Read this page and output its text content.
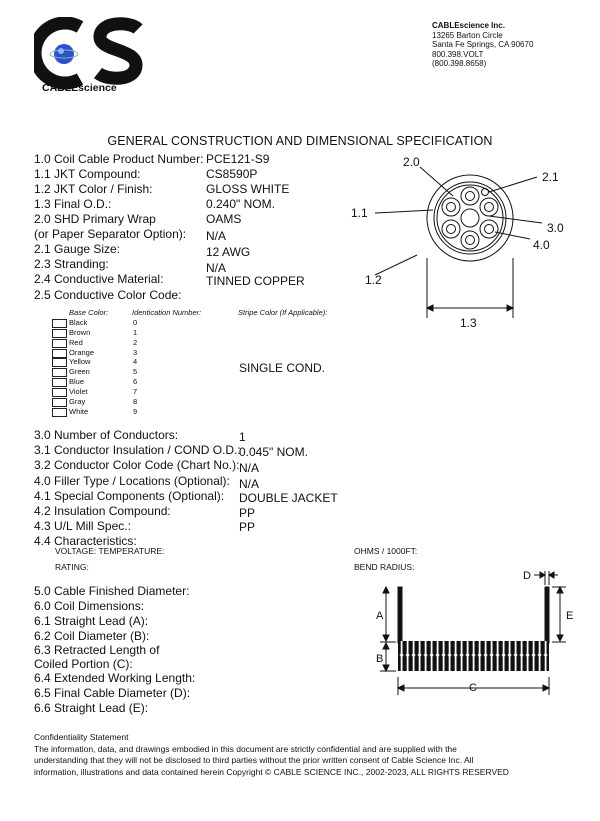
CABLEscience
CABLEscience Inc.
13265 Barton Circle
Santa Fe Springs, CA 90670
800.398.VOLT
(800.398.8658)
GENERAL CONSTRUCTION AND DIMENSIONAL SPECIFICATION
1.0 Coil Cable Product Number: PCE121-S9
1.1 JKT Compound:	CS8590P
1.2 JKT Color / Finish:	GLOSS WHITE
1.3 Final O.D.:	0.240" NOM.
2.0 SHD Primary Wrap	OAMS
(or Paper Separator Option): N/A
2.1 Gauge Size:	12 AWG
2.3 Stranding:	N/A
2.4 Conductive Material:	TINNED COPPER
2.5 Conductive Color Code:
Base Color:	Identication Number:	Stripe Color (If Applicable):
Black	0
Brown	1
Red	2
Orange	3
Yellow	4
Green	5
Blue	6
Violet	7
Gray	8
White	9
SINGLE COND.
3.0 Number of Conductors:	1
3.1 Conductor Insulation / COND O.D.:
0.045" NOM.
3.2 Conductor Color Code (Chart No.): N/A
4.0 Filler Type / Locations (Optional): N/A
4.1 Special Components (Optional): DOUBLE JACKET
4.2 Insulation Compound:	PP
4.3 U/L Mill Spec.:	PP
4.4 Characteristics:
VOLTAGE: TEMPERATURE:
RATING:
OHMS / 1000FT:
BEND RADIUS:
5.0 Cable Finished Diameter:
6.0 Coil Dimensions:
6.1 Straight Lead (A):
6.2 Coil Diameter (B):
6.3 Retracted Length of
Coiled Portion (C):
6.4 Extended Working Length:
6.5 Final Cable Diameter (D):
6.6 Straight Lead (E):
2.0
2.1
1.1
3.0
4.0
1.2
1.3
A
B
C
D
E
Confidentiality Statement
The information, data, and drawings embodied in this document are strictly confidential and are supplied with the
understanding that they will not be disclosed to third parties without the prior written consent of Cable Science Inc. All
information, illustrations and data contained herein Copyright © CABLE SCIENCE INC., 2002-2023, ALL RIGHTS RESERVED
